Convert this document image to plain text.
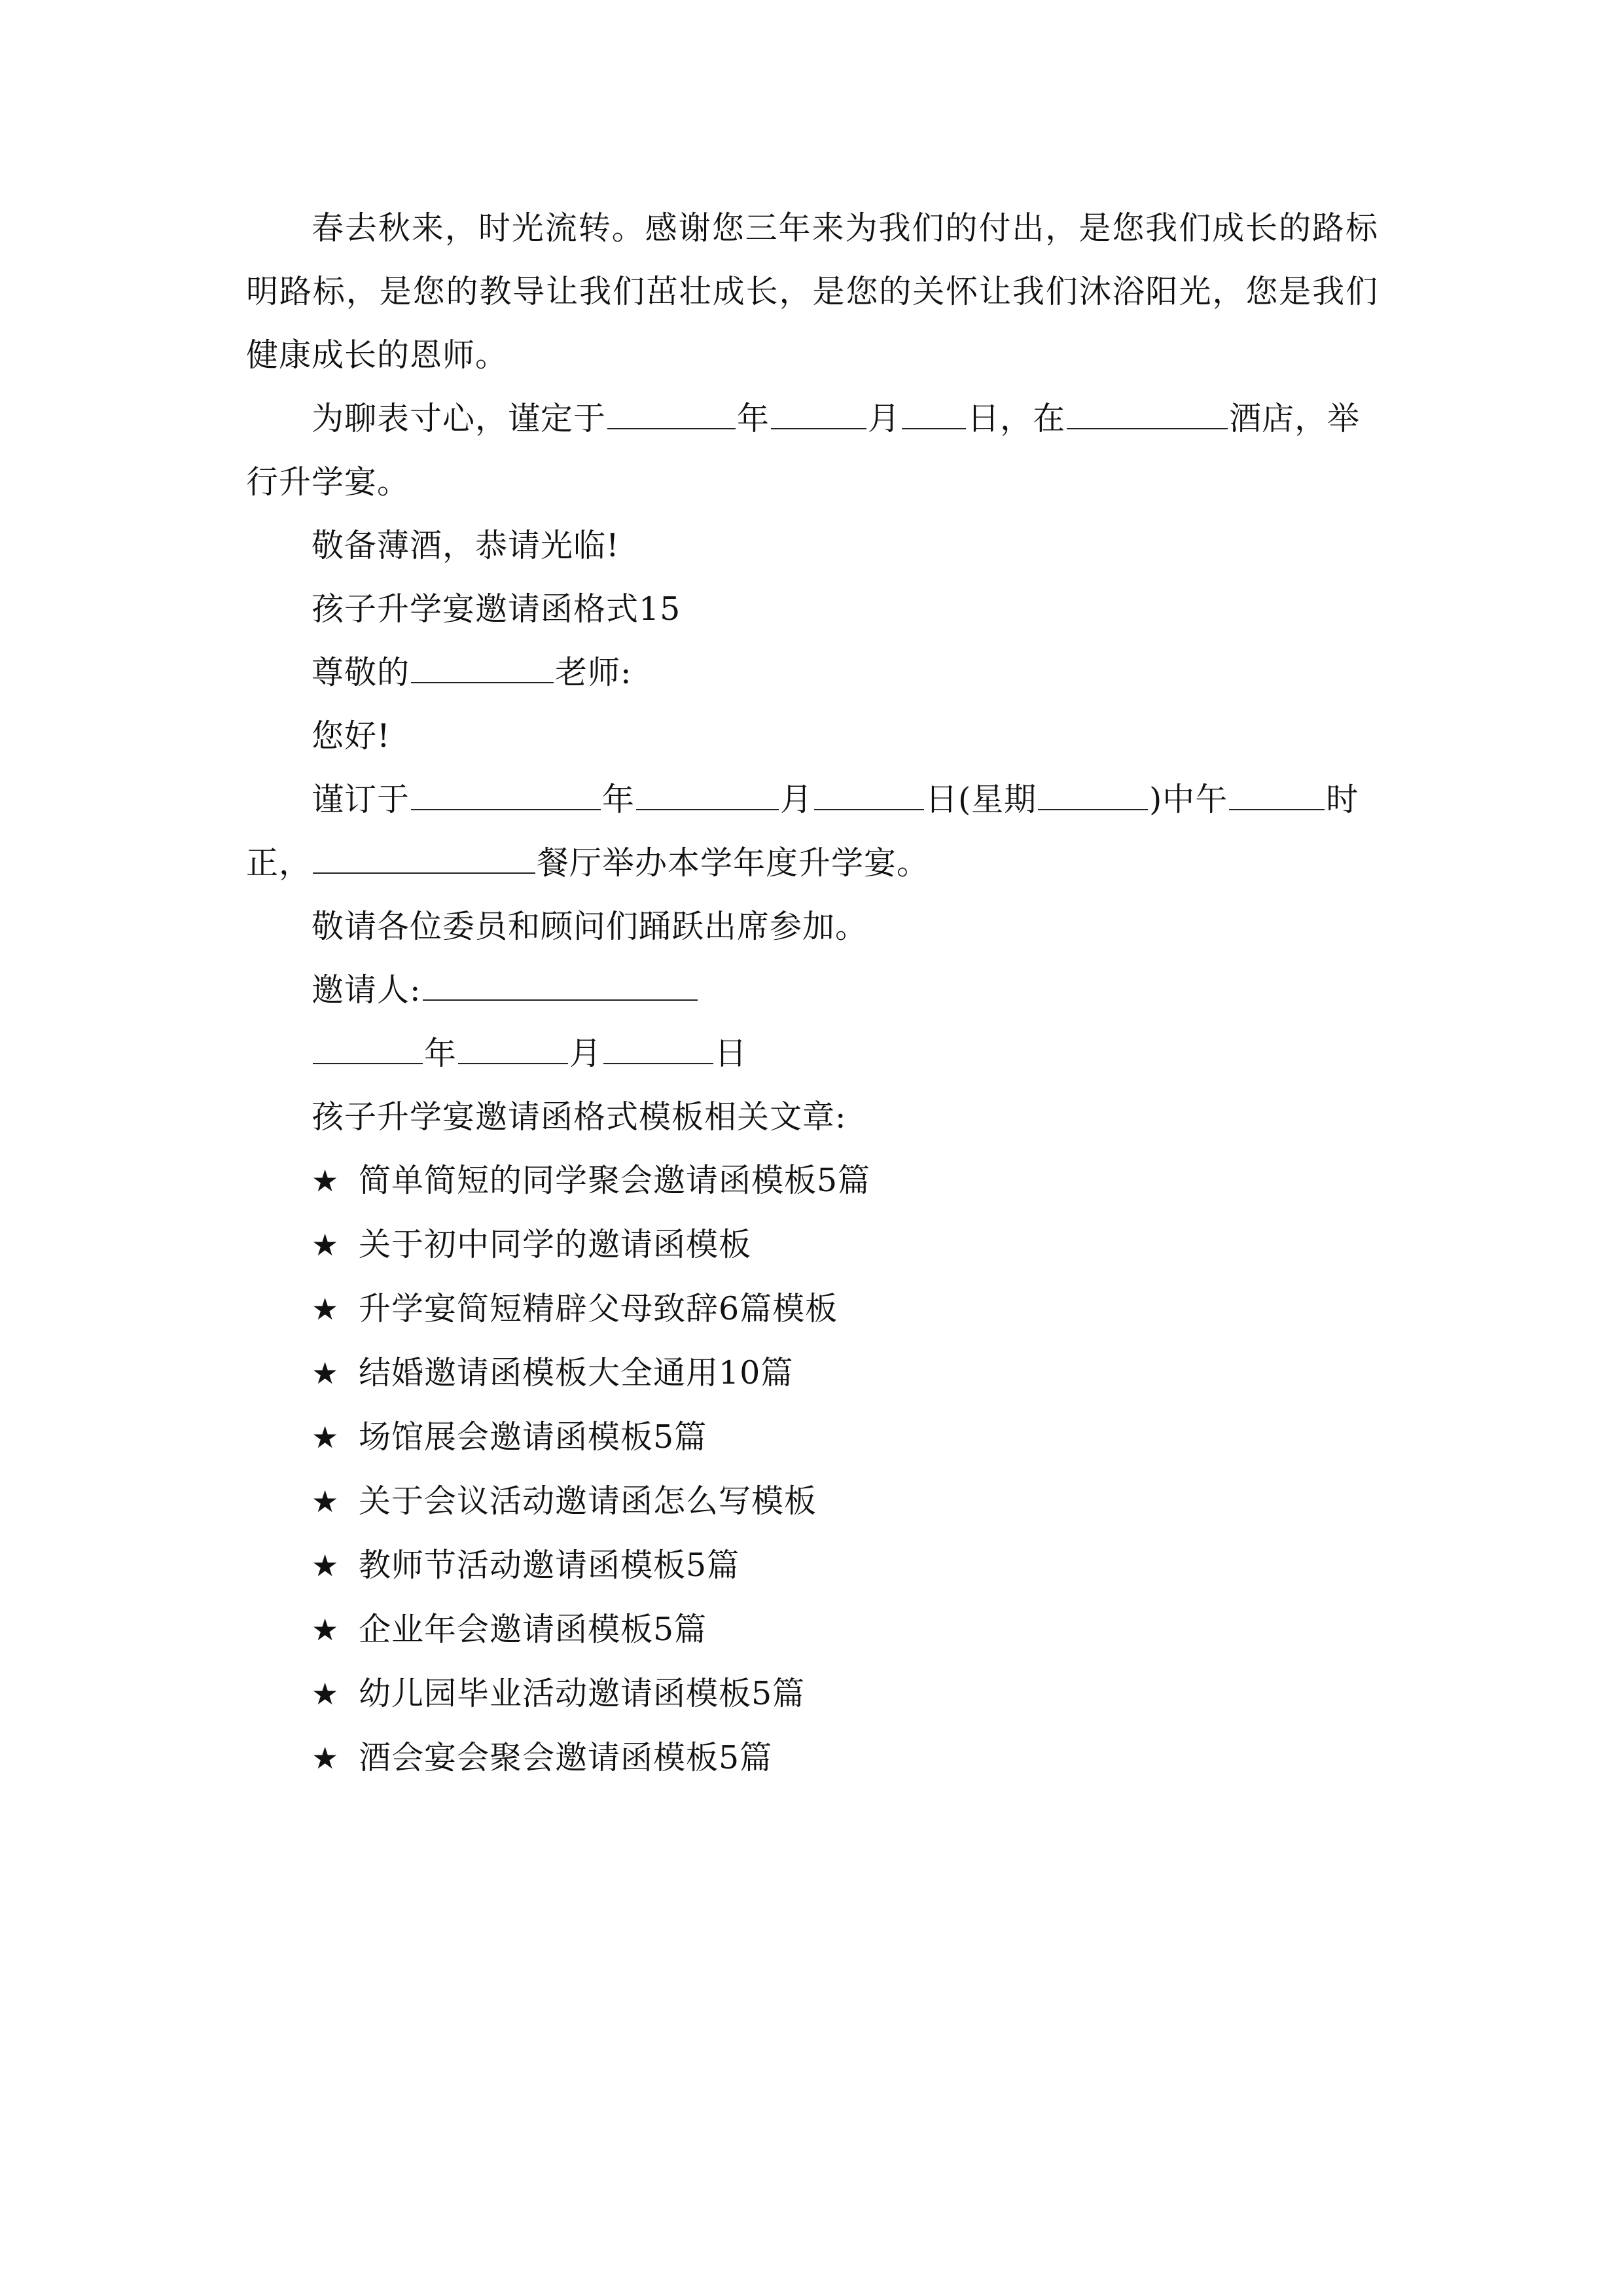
春去秋来，时光流转。感谢您三年来为我们的付出，是您我们成长的路标明路标，是您的教导让我们茁壮成长，是您的关怀让我们沐浴阳光，您是我们健康成长的恩师。

为聊表寸心，谨定于	年	月 日，在	酒店，举

行升学宴。

敬备薄酒，恭请光临!

孩子升学宴邀请函格式15

尊敬的	老师:

您好!

谨订于	年	月	日(星期	)中午	时

正，	餐厅举办本学年度升学宴。

敬请各位委员和顾问们踊跃出席参加。

邀请人:

年	月	日

孩子升学宴邀请函格式模板相关文章:

★ 简单简短的同学聚会邀请函模板5篇

★ 关于初中同学的邀请函模板

★ 升学宴简短精辟父母致辞6篇模板

★ 结婚邀请函模板大全通用10篇

★ 场馆展会邀请函模板5篇

★ 关于会议活动邀请函怎么写模板

★ 教师节活动邀请函模板5篇

★ 企业年会邀请函模板5篇

★ 幼儿园毕业活动邀请函模板5篇

★ 酒会宴会聚会邀请函模板5篇
